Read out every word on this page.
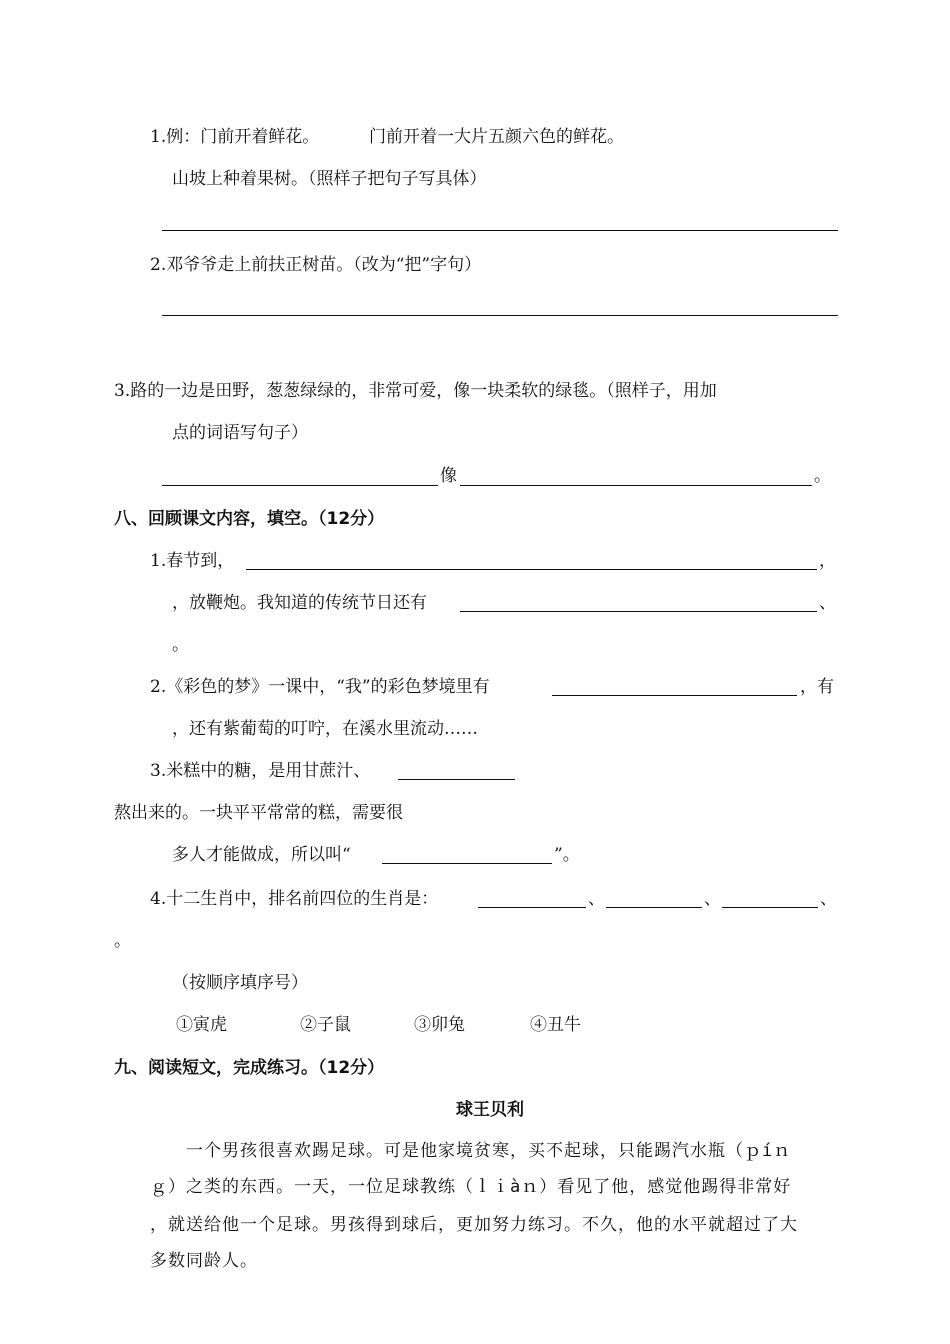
1.例：门前开着鲜花。	门前开着一大片五颜六色的鲜花。
山坡上种着果树。（照样子把句子写具体）
2.邓爷爷走上前扶正树苗。（改为“把”字句）
3.路的一边是田野，葱葱绿绿的，非常可爱，像一块柔软的绿毯。（照样子，用加
点的词语写句子）
像	。
八、回顾课文内容，填空。（12分）
1.春节到，	，
，放鞭炮。我知道的传统节日还有	、
。
2.《彩色的梦》一课中，“我”的彩色梦境里有	，有
，还有紫葡萄的叮咛，在溪水里流动……
3.米糕中的糖，是用甘蔗汁、
熬出来的。一块平平常常的糕，需要很
多人才能做成，所以叫“	”。
4.十二生肖中，排名前四位的生肖是：	、	、	、
。
（按顺序填序号）
①寅虎	②子鼠	③卯兔	④丑牛
九、阅读短文，完成练习。（12分）
球王贝利
一个男孩很喜欢踢足球。可是他家境贫寒，买不起球，只能踢汽水瓶（ｐíｎ
ｇ）之类的东西。一天，一位足球教练（ｌｉàｎ）看见了他，感觉他踢得非常好
，就送给他一个足球。男孩得到球后，更加努力练习。不久，他的水平就超过了大
多数同龄人。
